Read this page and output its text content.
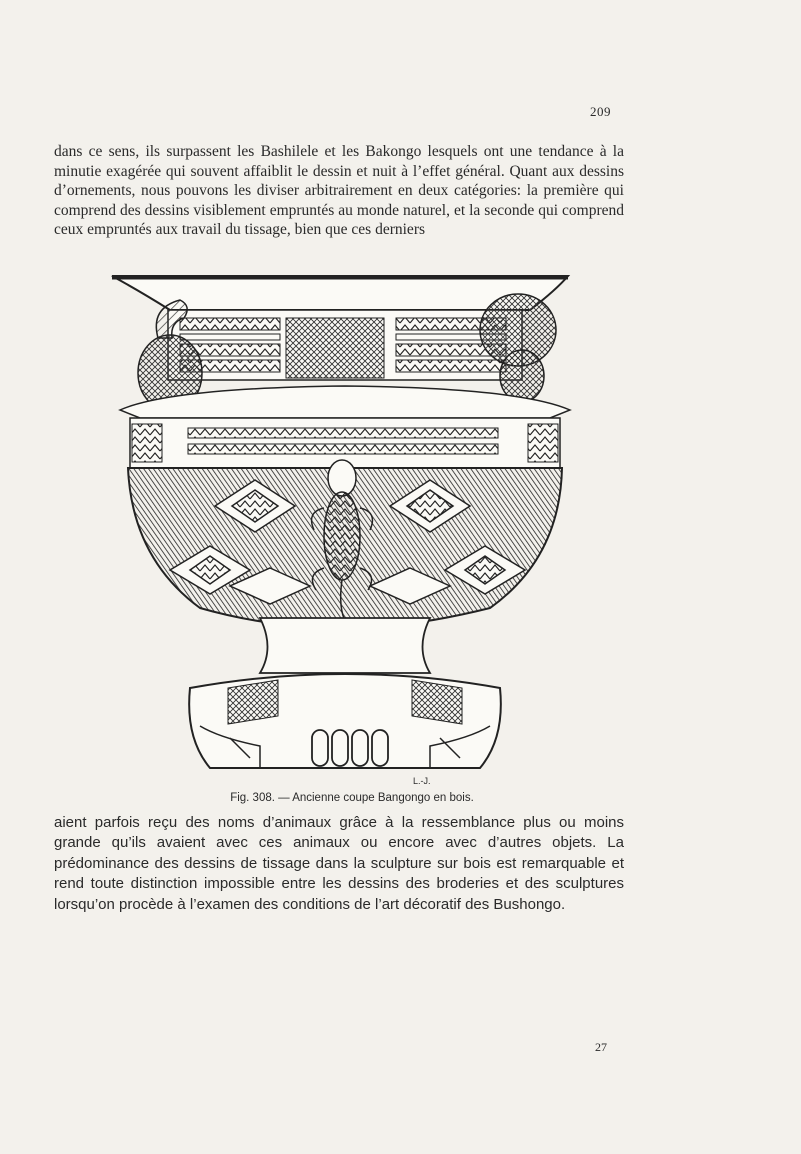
209

dans ce sens, ils surpassent les Bashilele et les Bakongo lesquels ont une tendance à la minutie exagérée qui souvent affaiblit le dessin et nuit à l’effet général. Quant aux dessins d’ornements, nous pouvons les diviser arbitrairement en deux catégories: la première qui comprend des dessins visiblement empruntés au monde naturel, et la seconde qui comprend ceux empruntés aux travail du tissage, bien que ces derniers

L.-J.
Fig. 308. — Ancienne coupe Bangongo en bois.

aient parfois reçu des noms d’animaux grâce à la ressemblance plus ou moins grande qu’ils avaient avec ces animaux ou encore avec d’autres objets. La prédominance des dessins de tissage dans la sculpture sur bois est remarquable et rend toute distinction impossible entre les dessins des broderies et des sculptures lorsqu’on procède à l’examen des conditions de l’art décoratif des Bushongo.

27
